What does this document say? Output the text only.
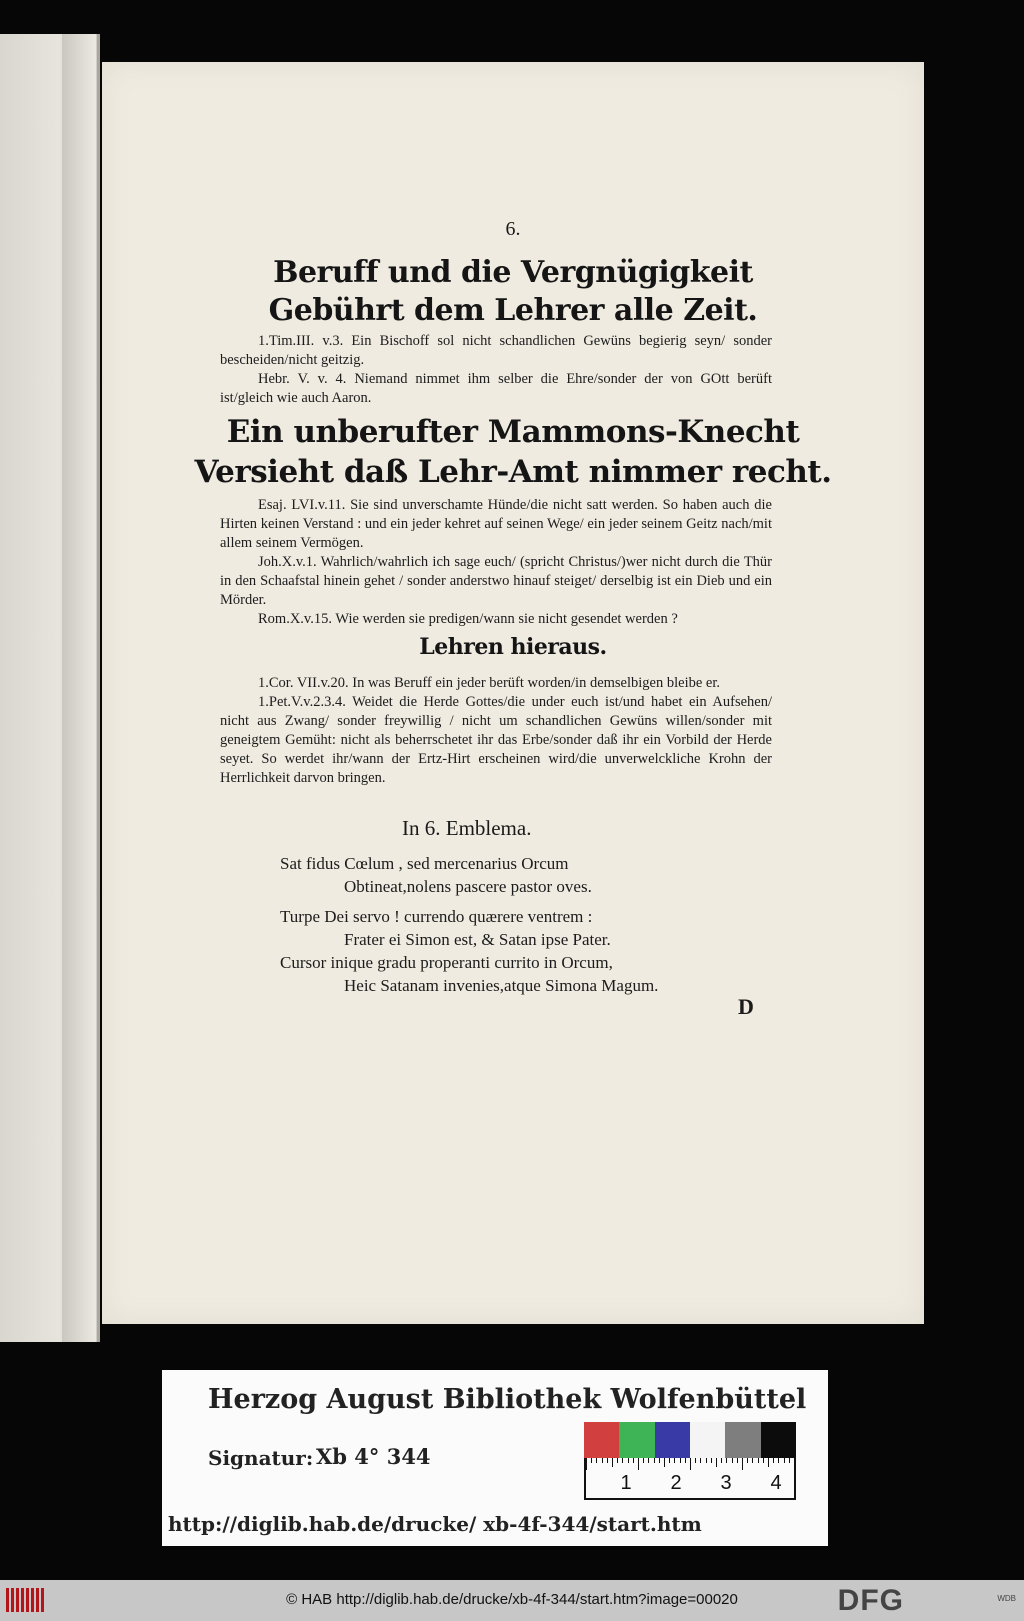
6.
Beruff und die Vergnügigkeit
Gebührt dem Lehrer alle Zeit.

1.Tim.III. v.3. Ein Bischoff sol nicht schandlichen Gewüns begierig seyn/ sonder bescheiden/nicht geitzig.

Hebr. V. v. 4. Niemand nimmet ihm selber die Ehre/sonder der von GOtt berüft ist/gleich wie auch Aaron.

Ein unberufter Mammons-Knecht
Versieht daß Lehr-Amt nimmer recht.

Esaj. LVI.v.11. Sie sind unverschamte Hünde/die nicht satt werden. So haben auch die Hirten keinen Verstand : und ein jeder kehret auf seinen Wege/ ein jeder seinem Geitz nach/mit allem seinem Vermögen.

Joh.X.v.1. Wahrlich/wahrlich ich sage euch/ (spricht Christus/)wer nicht durch die Thür in den Schaafstal hinein gehet / sonder anderstwo hinauf steiget/ derselbig ist ein Dieb und ein Mörder.

Rom.X.v.15. Wie werden sie predigen/wann sie nicht gesendet werden ?

Lehren hieraus.

1.Cor. VII.v.20. In was Beruff ein jeder berüft worden/in demselbigen bleibe er.

1.Pet.V.v.2.3.4. Weidet die Herde Gottes/die under euch ist/und habet ein Aufsehen/ nicht aus Zwang/ sonder freywillig / nicht um schandlichen Gewüns willen/sonder mit geneigtem Gemüht: nicht als beherrschetet ihr das Erbe/sonder daß ihr ein Vorbild der Herde seyet. So werdet ihr/wann der Ertz-Hirt erscheinen wird/die unverwelckliche Krohn der Herrlichkeit darvon bringen.

In 6. Emblema.
Sat fidus Cœlum , sed mercenarius Orcum
Obtineat,nolens pascere pastor oves.
Turpe Dei servo ! currendo quærere ventrem :
Frater ei Simon est, & Satan ipse Pater.
Cursor inique gradu properanti currito in Orcum,
Heic Satanam invenies,atque Simona Magum.
D
Herzog August Bibliothek Wolfenbüttel
Signatur: Xb 4° 344
1 2 3 4
http://diglib.hab.de/drucke/ xb-4f-344/start.htm
© HAB http://diglib.hab.de/drucke/xb-4f-344/start.htm?image=00020	DFG	WDB
